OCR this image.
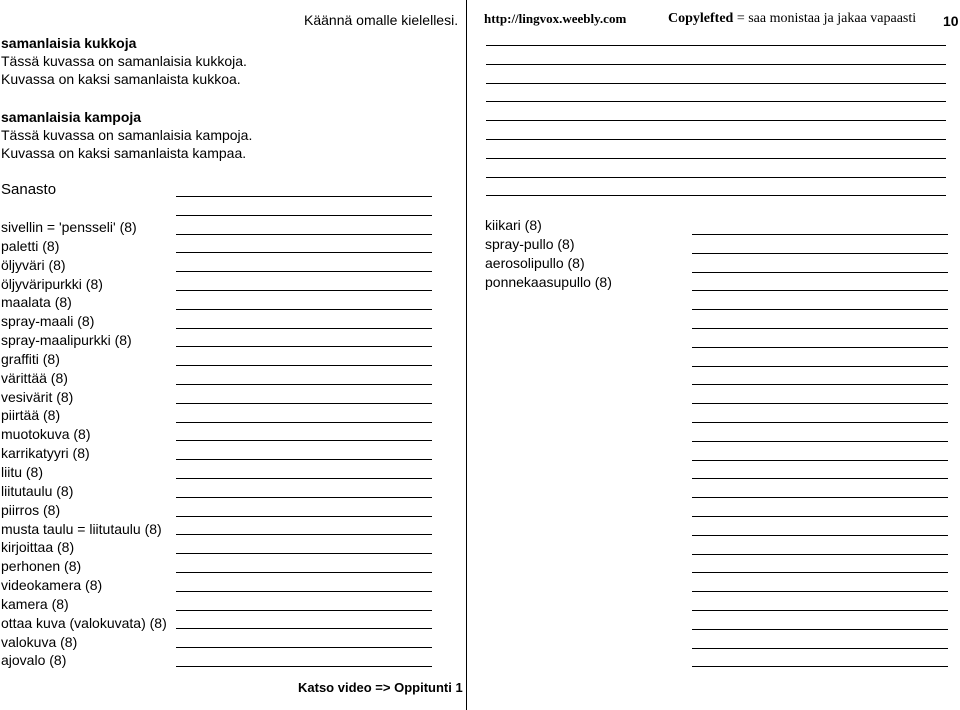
Käännä omalle kielellesi. http://lingvox.weebly.com	Copylefted = saa monistaa ja jakaa vapaasti 10
samanlaisia kukkoja
Tässä kuvassa on samanlaisia kukkoja.
Kuvassa on kaksi samanlaista kukkoa.
samanlaisia kampoja
Tässä kuvassa on samanlaisia kampoja.
Kuvassa on kaksi samanlaista kampaa.
Sanasto
sivellin = 'pensseli' (8)
paletti (8)
öljyväri (8)
öljyväripurkki (8)
maalata (8)
spray-maali (8)
spray-maalipurkki (8)
graffiti (8)
värittää (8)
vesivärit (8)
piirtää (8)
muotokuva (8)
karrikatyyri (8)
liitu (8)
liitutaulu (8)
piirros (8)
musta taulu = liitutaulu (8)
kirjoittaa (8)
perhonen (8)
videokamera (8)
kamera (8)
ottaa kuva (valokuvata) (8)
valokuva (8)
ajovalo (8)
kiikari (8)
spray-pullo (8)
aerosolipullo (8)
ponnekaasupullo (8)
Katso video => Oppitunti 1
